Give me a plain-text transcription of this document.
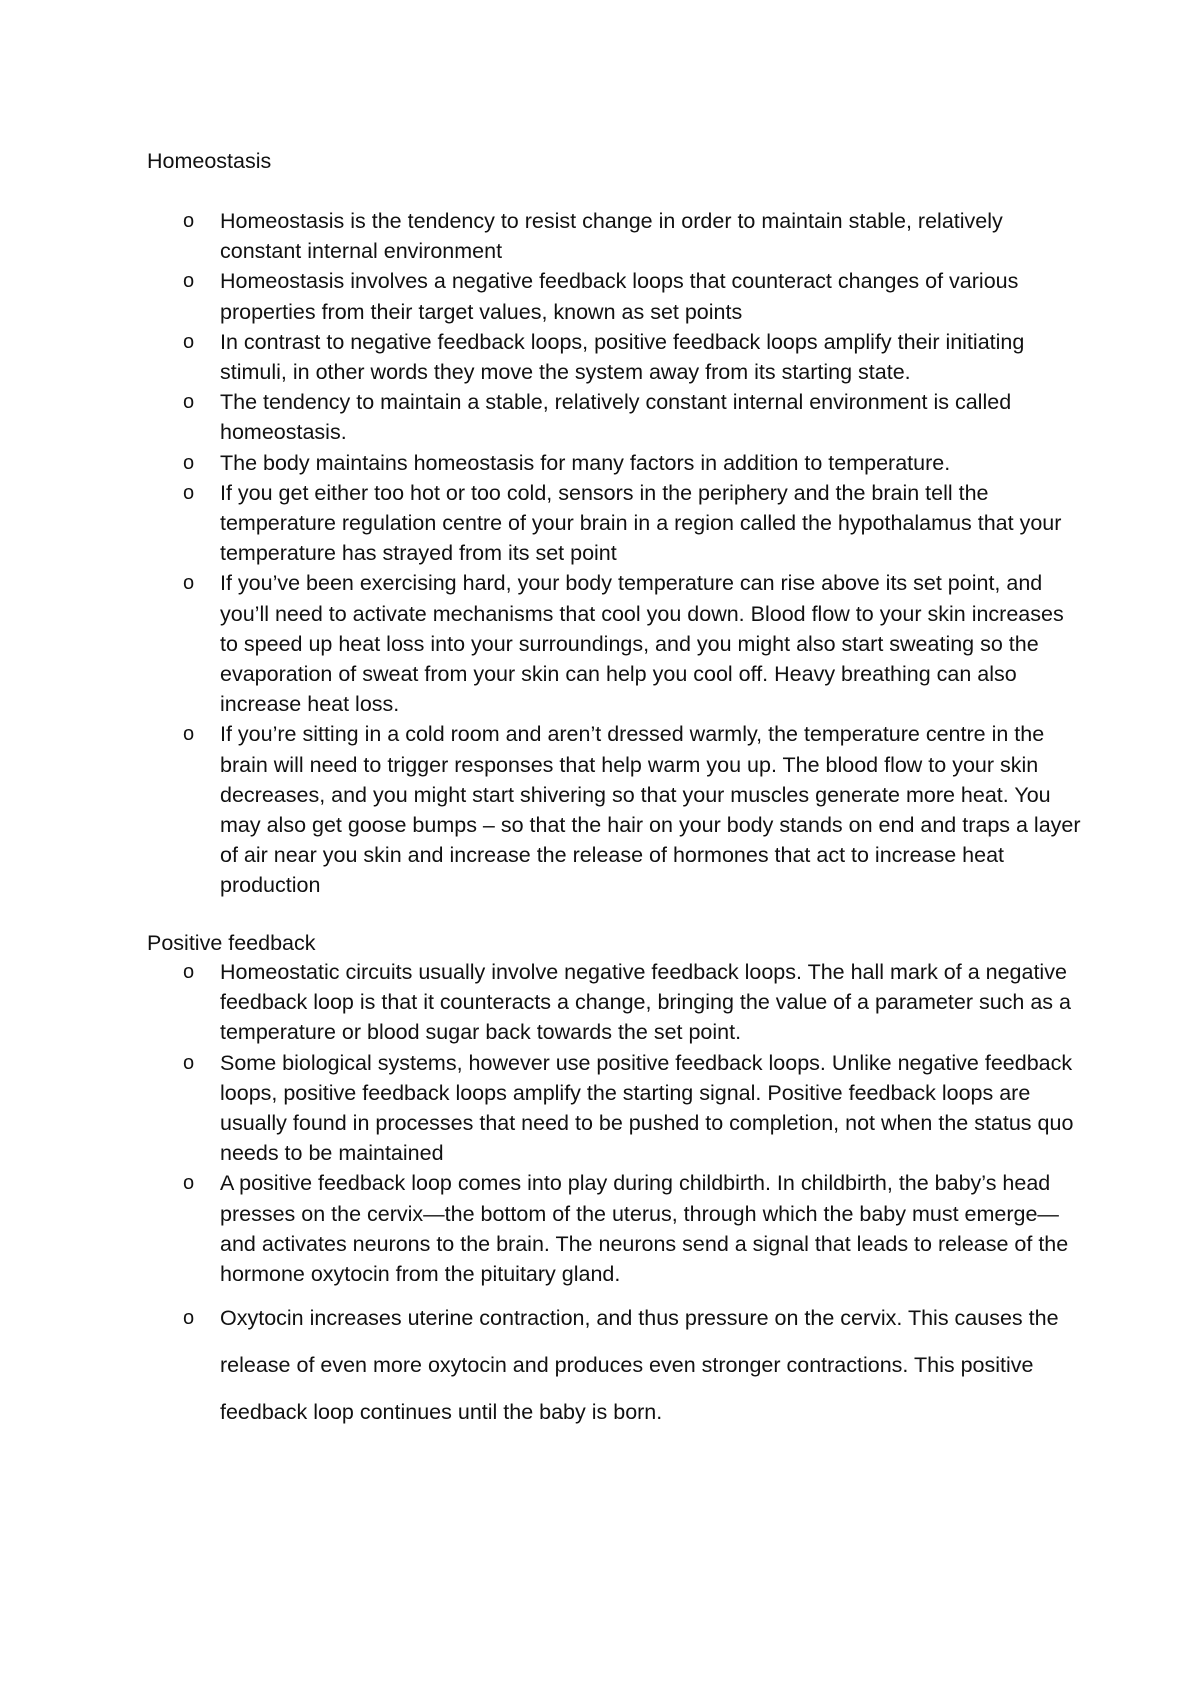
Homeostasis
o Homeostasis is the tendency to resist change in order to maintain stable, relatively constant internal environment
o Homeostasis involves a negative feedback loops that counteract changes of various properties from their target values, known as set points
o In contrast to negative feedback loops, positive feedback loops amplify their initiating stimuli, in other words they move the system away from its starting state.
o The tendency to maintain a stable, relatively constant internal environment is called homeostasis.
o The body maintains homeostasis for many factors in addition to temperature.
o If you get either too hot or too cold, sensors in the periphery and the brain tell the temperature regulation centre of your brain in a region called the hypothalamus that your temperature has strayed from its set point
o If you’ve been exercising hard, your body temperature can rise above its set point, and you’ll need to activate mechanisms that cool you down. Blood flow to your skin increases to speed up heat loss into your surroundings, and you might also start sweating so the evaporation of sweat from your skin can help you cool off. Heavy breathing can also increase heat loss.
o If you’re sitting in a cold room and aren’t dressed warmly, the temperature centre in the brain will need to trigger responses that help warm you up. The blood flow to your skin decreases, and you might start shivering so that your muscles generate more heat. You may also get goose bumps – so that the hair on your body stands on end and traps a layer of air near you skin and increase the release of hormones that act to increase heat production
Positive feedback
o Homeostatic circuits usually involve negative feedback loops. The hall mark of a negative feedback loop is that it counteracts a change, bringing the value of a parameter such as a temperature or blood sugar back towards the set point.
o Some biological systems, however use positive feedback loops. Unlike negative feedback loops, positive feedback loops amplify the starting signal. Positive feedback loops are usually found in processes that need to be pushed to completion, not when the status quo needs to be maintained
o A positive feedback loop comes into play during childbirth. In childbirth, the baby’s head presses on the cervix—the bottom of the uterus, through which the baby must emerge—and activates neurons to the brain. The neurons send a signal that leads to release of the hormone oxytocin from the pituitary gland.
o Oxytocin increases uterine contraction, and thus pressure on the cervix. This causes the release of even more oxytocin and produces even stronger contractions. This positive feedback loop continues until the baby is born.
